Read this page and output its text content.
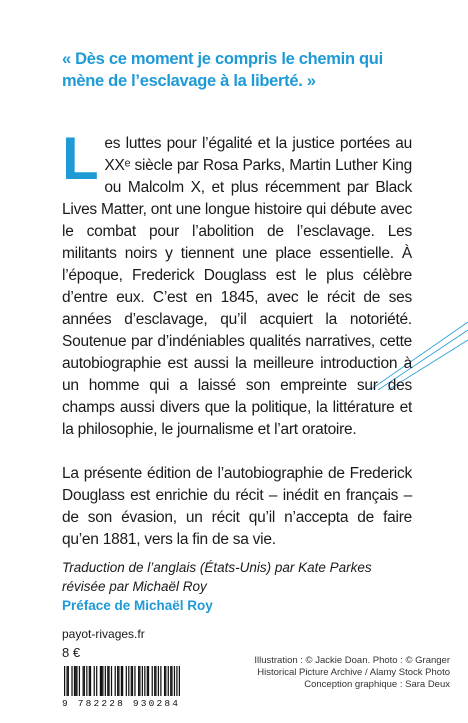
« Dès ce moment je compris le chemin qui
mène de l’esclavage à la liberté. »
Les luttes pour l’égalité et la justice portées au XXᵉ siècle par Rosa Parks, Martin Luther King ou Malcolm X, et plus récemment par Black Lives Matter, ont une longue histoire qui débute avec le combat pour l’abolition de l’esclavage. Les militants noirs y tiennent une place essentielle. À l’époque, Frederick Douglass est le plus célèbre d’entre eux. C’est en 1845, avec le récit de ses années d’esclavage, qu’il acquiert la notoriété. Soutenue par d’indéniables qualités narratives, cette autobiographie est aussi la meilleure introduction à un homme qui a laissé son empreinte sur des champs aussi divers que la politique, la littérature et la philosophie, le journalisme et l’art oratoire.
La présente édition de l’autobiographie de Frederick Douglass est enrichie du récit – inédit en français – de son évasion, un récit qu’il n’accepta de faire qu’en 1881, vers la fin de sa vie.
Traduction de l’anglais (États-Unis) par Kate Parkes
révisée par Michaël Roy
Préface de Michaël Roy
payot-rivages.fr
8 €
9 782228 930284
Illustration : © Jackie Doan. Photo : © Granger
Historical Picture Archive / Alamy Stock Photo
Conception graphique : Sara Deux
